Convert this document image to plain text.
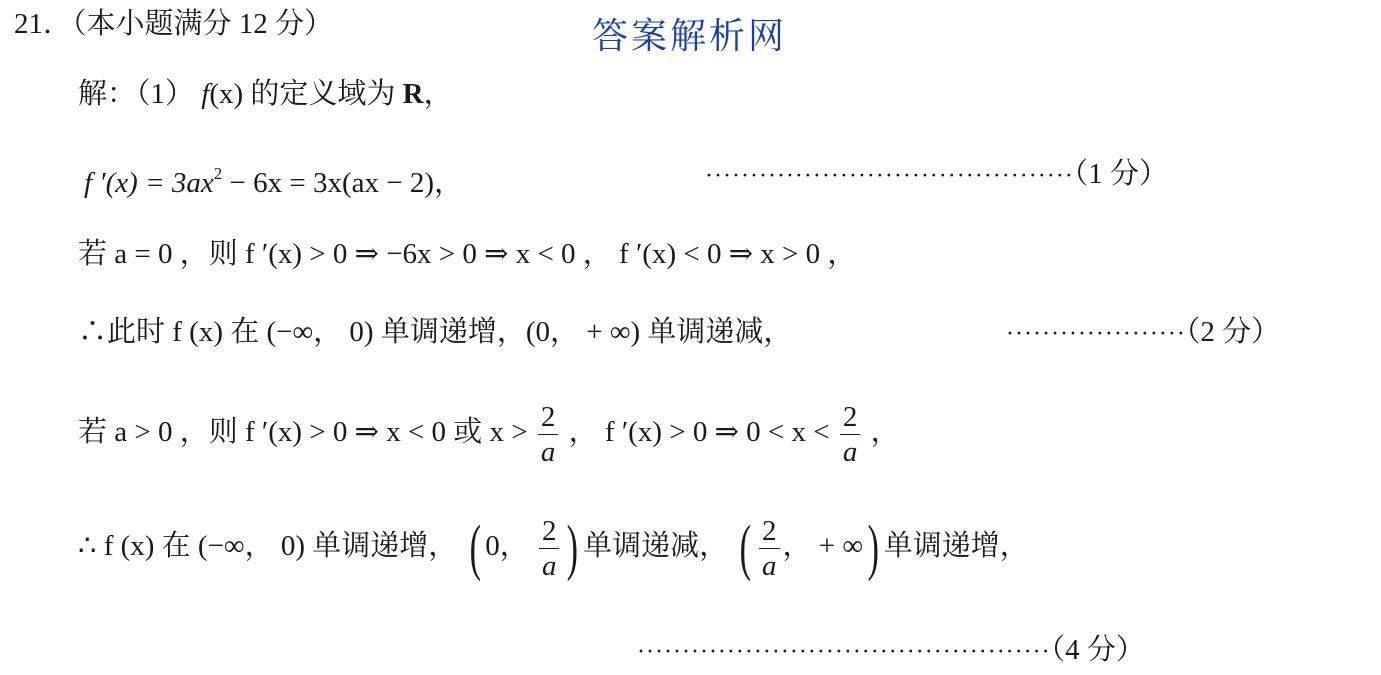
21．（本小题满分 12 分）	答案解析网
解：（1） f(x) 的定义域为 R，
f $'(x) = 3ax^2 - 6x = 3x(ax - 2)$，	·········································（1 分）
若 a = 0 ，则 f ′(x) > 0 ⇒ −6x > 0 ⇒ x < 0 ， f ′(x) < 0 ⇒ x > 0 ，
∴此时 f (x) 在 (−∞， 0) 单调递增，(0， + ∞) 单调递减，	····················（2 分）
若 a > 0 ，则 f ′(x) > 0 ⇒ x < 0 或 $x > \frac{2}{a}$ ， f ′(x) > 0 ⇒ $0 < x < \frac{2}{a}$ ，
∴ f (x) 在 (−∞， 0) 单调递增， ( 0， $\frac{2}{a}$ ) 单调递减， ( $\frac{2}{a}$ ， + ∞) 单调递增，
··············································（4 分）
